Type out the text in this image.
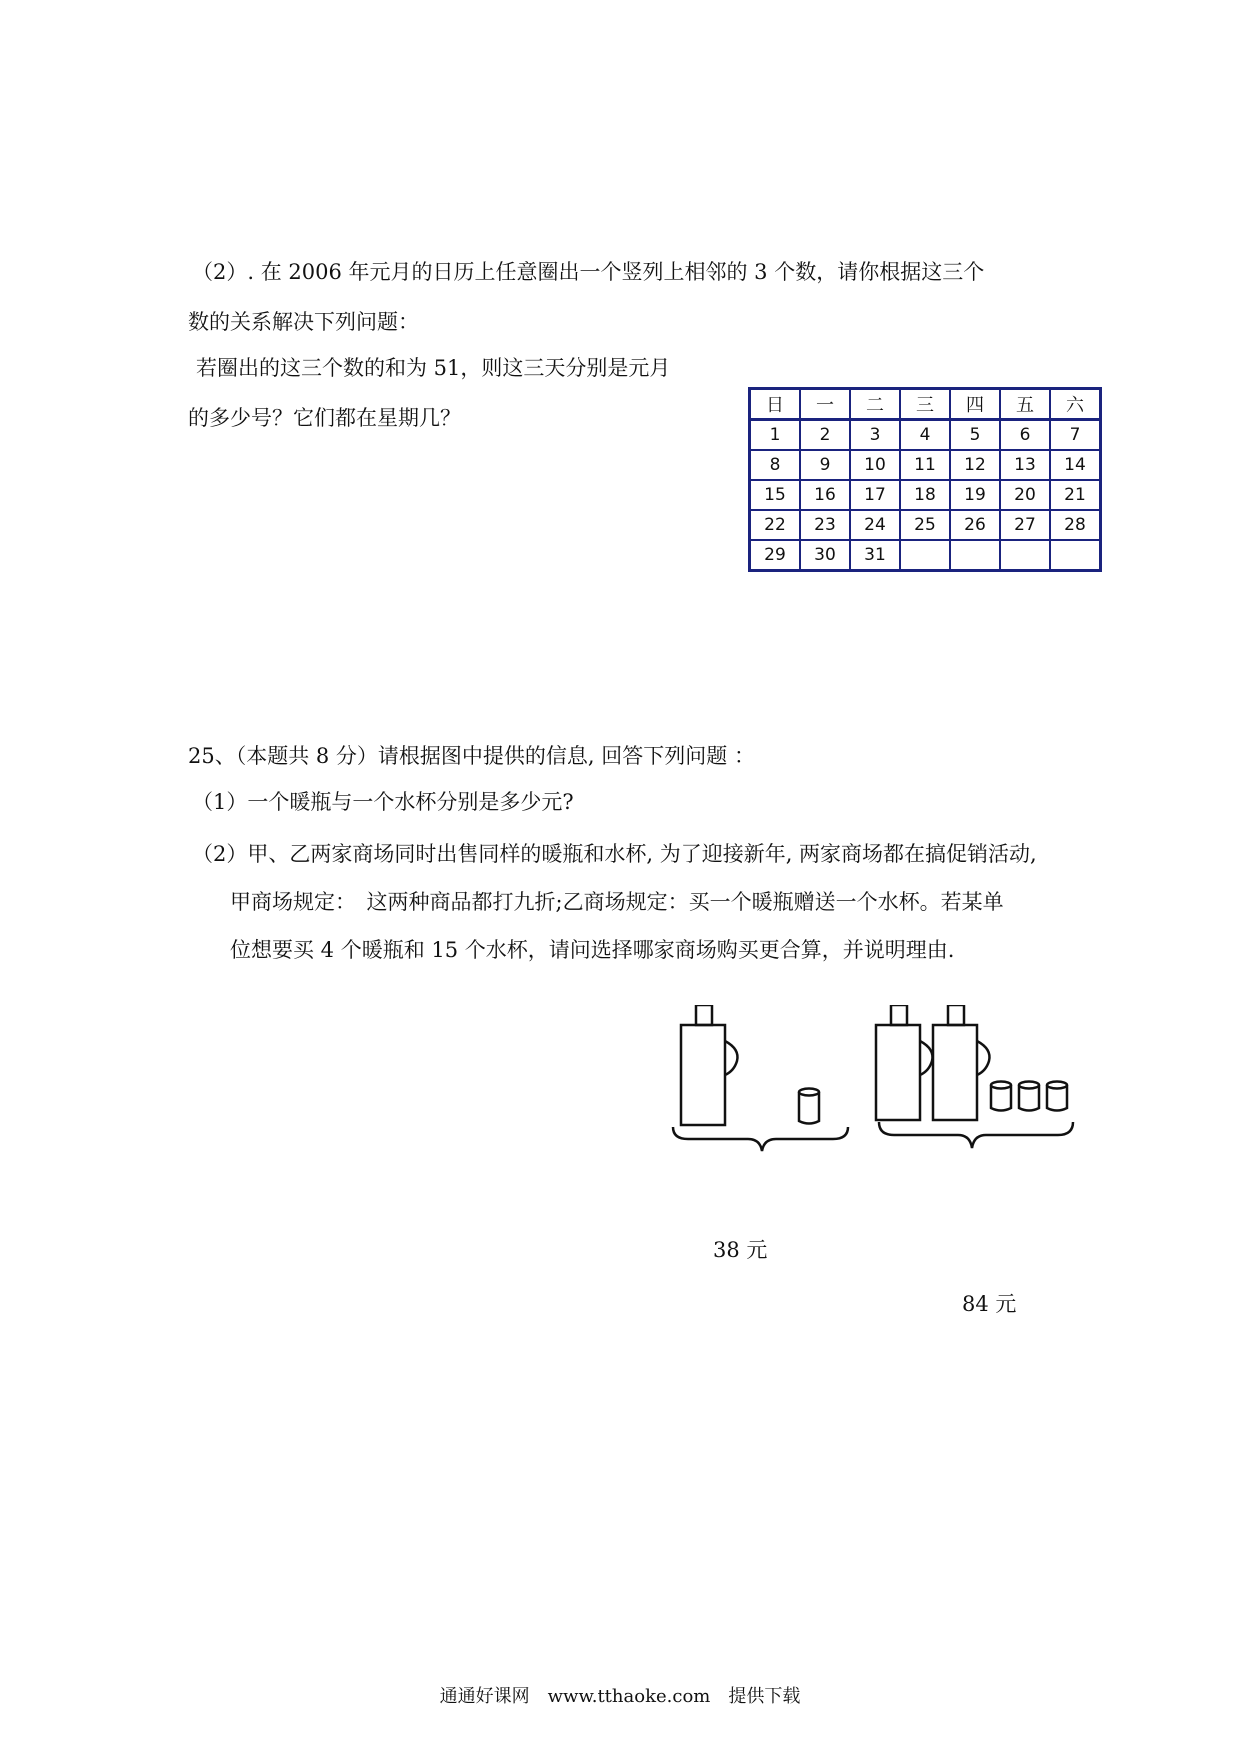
（2）. 在 2006 年元月的日历上任意圈出一个竖列上相邻的 3 个数，请你根据这三个
数的关系解决下列问题：
若圈出的这三个数的和为 51，则这三天分别是元月
的多少号？它们都在星期几？
日	一	二	三	四	五	六
1	2	3	4	5	6	7
8	9	10	11	12	13	14
15	16	17	18	19	20	21
22	23	24	25	26	27	28
29	30	31				
25、（本题共 8 分）请根据图中提供的信息, 回答下列问题 ：
（1）一个暖瓶与一个水杯分别是多少元?
（2）甲、乙两家商场同时出售同样的暖瓶和水杯, 为了迎接新年, 两家商场都在搞促销活动,
甲商场规定：　这两种商品都打九折;乙商场规定：买一个暖瓶赠送一个水杯。若某单
位想要买 4 个暖瓶和 15 个水杯，请问选择哪家商场购买更合算，并说明理由.
38 元
84 元
通通好课网　www.tthaoke.com　提供下载
